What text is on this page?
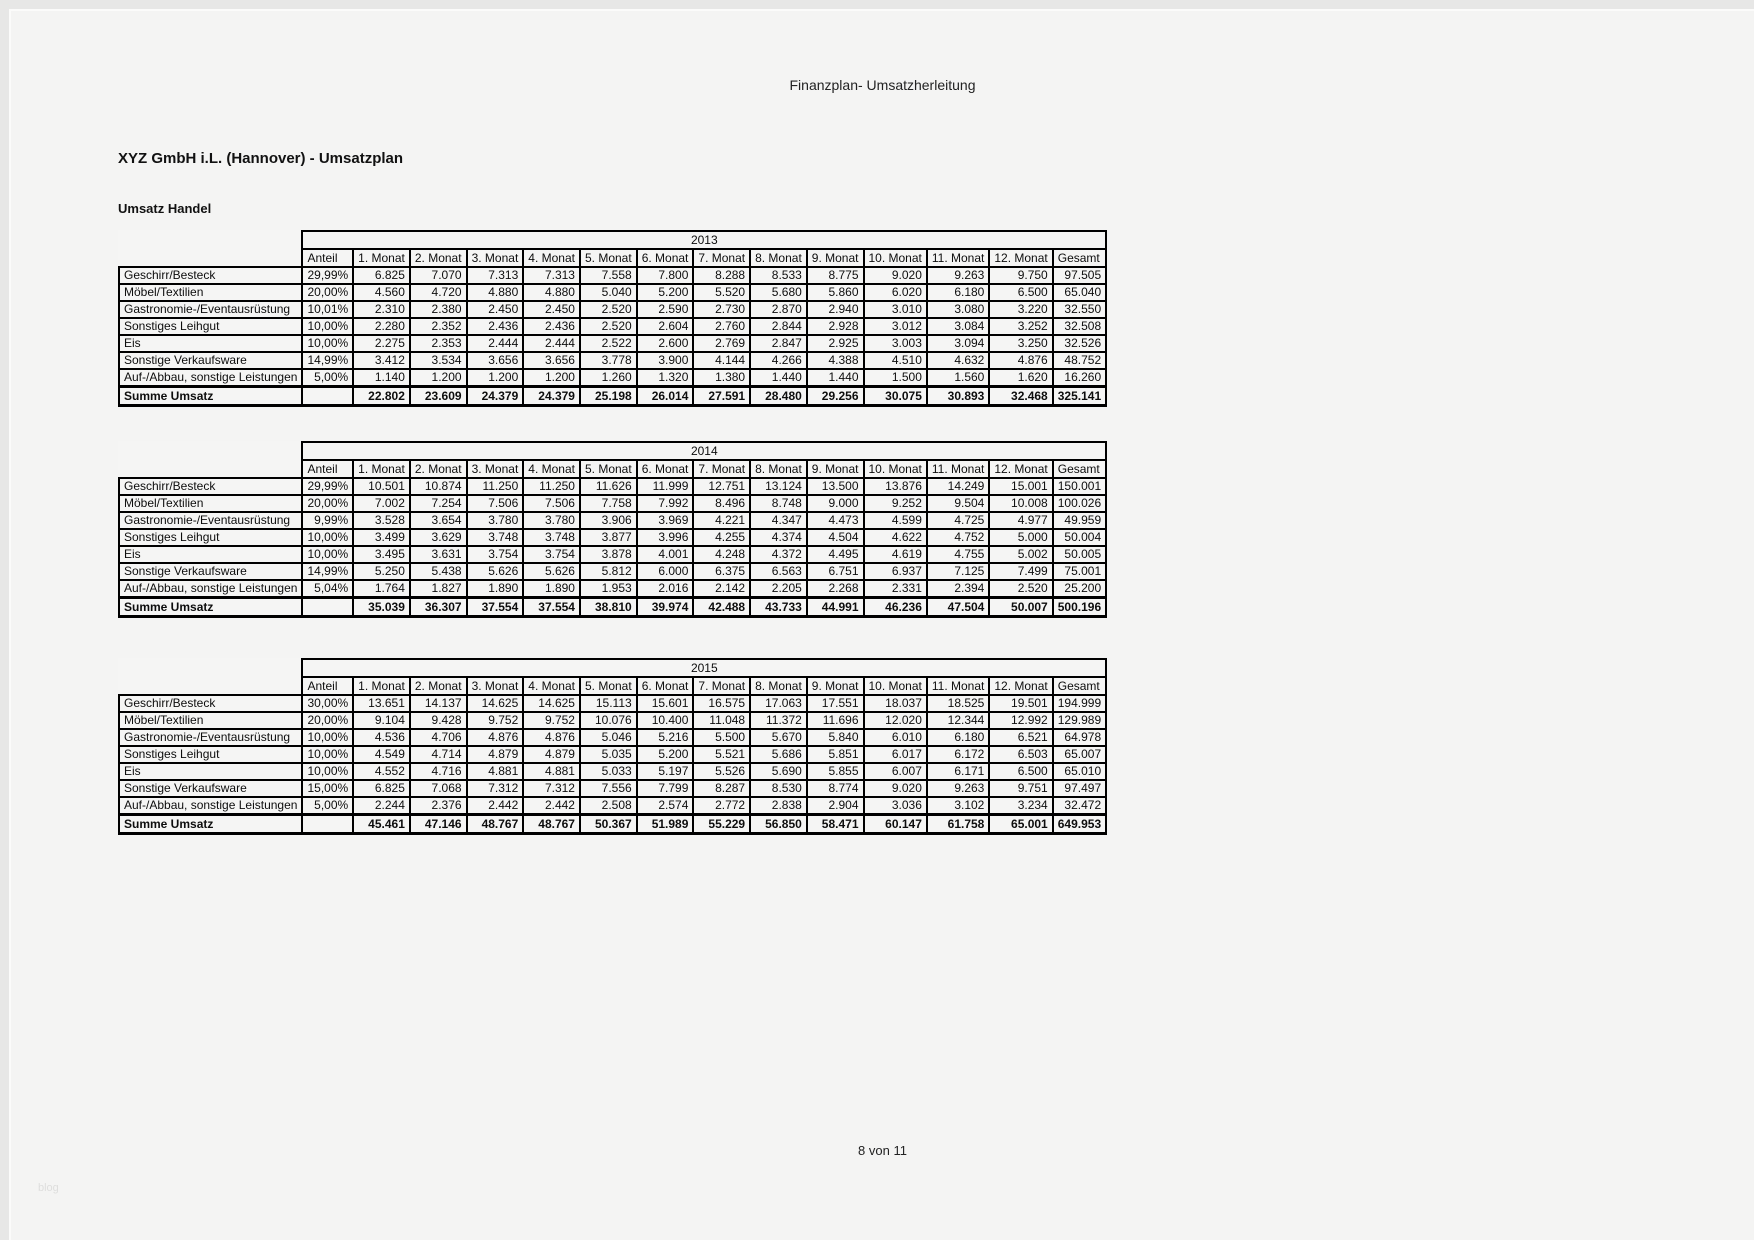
Finanzplan- Umsatzherleitung
XYZ GmbH i.L. (Hannover) - Umsatzplan
Umsatz Handel
	2013													
	Anteil	1. Monat	2. Monat	3. Monat	4. Monat	5. Monat	6. Monat	7. Monat	8. Monat	9. Monat	10. Monat	11. Monat	12. Monat	Gesamt
Geschirr/Besteck	29,99%	6.825	7.070	7.313	7.313	7.558	7.800	8.288	8.533	8.775	9.020	9.263	9.750	97.505
Möbel/Textilien	20,00%	4.560	4.720	4.880	4.880	5.040	5.200	5.520	5.680	5.860	6.020	6.180	6.500	65.040
Gastronomie-/Eventausrüstung	10,01%	2.310	2.380	2.450	2.450	2.520	2.590	2.730	2.870	2.940	3.010	3.080	3.220	32.550
Sonstiges Leihgut	10,00%	2.280	2.352	2.436	2.436	2.520	2.604	2.760	2.844	2.928	3.012	3.084	3.252	32.508
Eis	10,00%	2.275	2.353	2.444	2.444	2.522	2.600	2.769	2.847	2.925	3.003	3.094	3.250	32.526
Sonstige Verkaufsware	14,99%	3.412	3.534	3.656	3.656	3.778	3.900	4.144	4.266	4.388	4.510	4.632	4.876	48.752
Auf-/Abbau, sonstige Leistungen	5,00%	1.140	1.200	1.200	1.200	1.260	1.320	1.380	1.440	1.440	1.500	1.560	1.620	16.260
Summe Umsatz		22.802	23.609	24.379	24.379	25.198	26.014	27.591	28.480	29.256	30.075	30.893	32.468	325.141
	2014													
	Anteil	1. Monat	2. Monat	3. Monat	4. Monat	5. Monat	6. Monat	7. Monat	8. Monat	9. Monat	10. Monat	11. Monat	12. Monat	Gesamt
Geschirr/Besteck	29,99%	10.501	10.874	11.250	11.250	11.626	11.999	12.751	13.124	13.500	13.876	14.249	15.001	150.001
Möbel/Textilien	20,00%	7.002	7.254	7.506	7.506	7.758	7.992	8.496	8.748	9.000	9.252	9.504	10.008	100.026
Gastronomie-/Eventausrüstung	9,99%	3.528	3.654	3.780	3.780	3.906	3.969	4.221	4.347	4.473	4.599	4.725	4.977	49.959
Sonstiges Leihgut	10,00%	3.499	3.629	3.748	3.748	3.877	3.996	4.255	4.374	4.504	4.622	4.752	5.000	50.004
Eis	10,00%	3.495	3.631	3.754	3.754	3.878	4.001	4.248	4.372	4.495	4.619	4.755	5.002	50.005
Sonstige Verkaufsware	14,99%	5.250	5.438	5.626	5.626	5.812	6.000	6.375	6.563	6.751	6.937	7.125	7.499	75.001
Auf-/Abbau, sonstige Leistungen	5,04%	1.764	1.827	1.890	1.890	1.953	2.016	2.142	2.205	2.268	2.331	2.394	2.520	25.200
Summe Umsatz		35.039	36.307	37.554	37.554	38.810	39.974	42.488	43.733	44.991	46.236	47.504	50.007	500.196
	2015													
	Anteil	1. Monat	2. Monat	3. Monat	4. Monat	5. Monat	6. Monat	7. Monat	8. Monat	9. Monat	10. Monat	11. Monat	12. Monat	Gesamt
Geschirr/Besteck	30,00%	13.651	14.137	14.625	14.625	15.113	15.601	16.575	17.063	17.551	18.037	18.525	19.501	194.999
Möbel/Textilien	20,00%	9.104	9.428	9.752	9.752	10.076	10.400	11.048	11.372	11.696	12.020	12.344	12.992	129.989
Gastronomie-/Eventausrüstung	10,00%	4.536	4.706	4.876	4.876	5.046	5.216	5.500	5.670	5.840	6.010	6.180	6.521	64.978
Sonstiges Leihgut	10,00%	4.549	4.714	4.879	4.879	5.035	5.200	5.521	5.686	5.851	6.017	6.172	6.503	65.007
Eis	10,00%	4.552	4.716	4.881	4.881	5.033	5.197	5.526	5.690	5.855	6.007	6.171	6.500	65.010
Sonstige Verkaufsware	15,00%	6.825	7.068	7.312	7.312	7.556	7.799	8.287	8.530	8.774	9.020	9.263	9.751	97.497
Auf-/Abbau, sonstige Leistungen	5,00%	2.244	2.376	2.442	2.442	2.508	2.574	2.772	2.838	2.904	3.036	3.102	3.234	32.472
Summe Umsatz		45.461	47.146	48.767	48.767	50.367	51.989	55.229	56.850	58.471	60.147	61.758	65.001	649.953
8 von 11
blog
